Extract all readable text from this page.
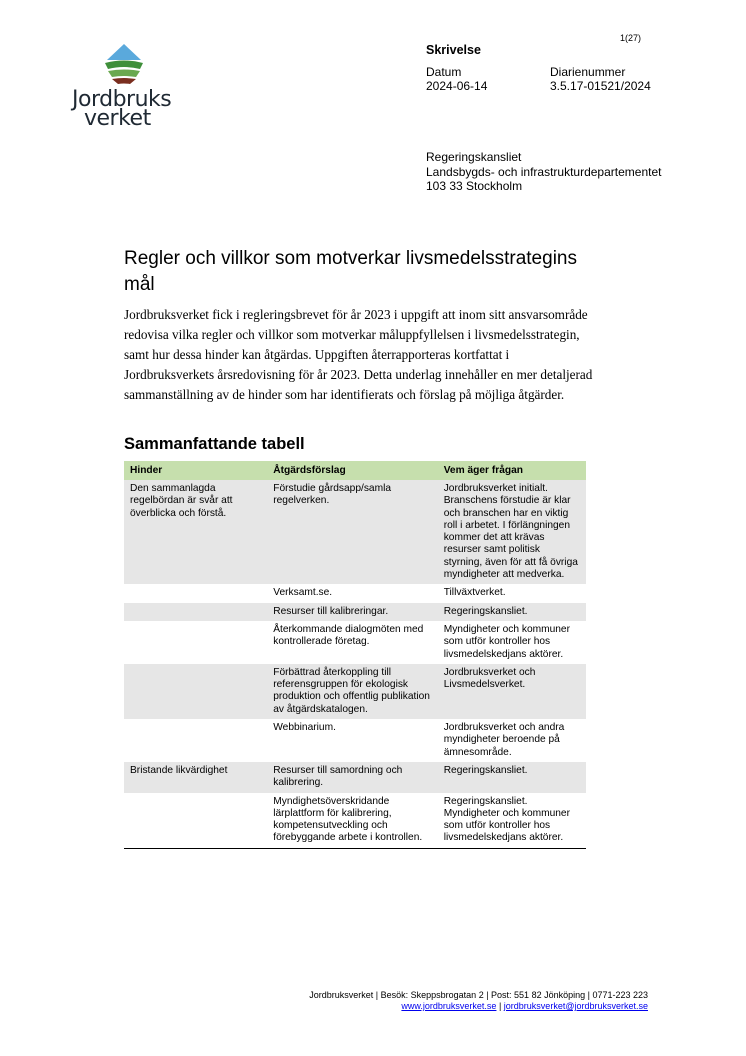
Jordbruks
verket
1(27)
Skrivelse
Datum
2024-06-14
Diarienummer
3.5.17-01521/2024
Regeringskansliet
Landsbygds- och infrastrukturdepartementet
103 33 Stockholm
Regler och villkor som motverkar livsmedelsstrategins mål
Jordbruksverket fick i regleringsbrevet för år 2023 i uppgift att inom sitt ansvarsområde redovisa vilka regler och villkor som motverkar måluppfyllelsen i livsmedelsstrategin, samt hur dessa hinder kan åtgärdas. Uppgiften återrapporteras kortfattat i Jordbruksverkets årsredovisning för år 2023. Detta underlag innehåller en mer detaljerad sammanställning av de hinder som har identifierats och förslag på möjliga åtgärder.
Sammanfattande tabell
Hinder	Åtgärdsförslag	Vem äger frågan
Den sammanlagda regelbördan är svår att överblicka och förstå.	Förstudie gårdsapp/samla regelverken.	Jordbruksverket initialt. Branschens förstudie är klar och branschen har en viktig roll i arbetet. I förlängningen kommer det att krävas resurser samt politisk styrning, även för att få övriga myndigheter att medverka.
	Verksamt.se.	Tillväxtverket.
	Resurser till kalibreringar.	Regeringskansliet.
	Återkommande dialogmöten med kontrollerade företag.	Myndigheter och kommuner som utför kontroller hos livsmedelskedjans aktörer.
	Förbättrad återkoppling till referensgruppen för ekologisk produktion och offentlig publikation av åtgärdskatalogen.	Jordbruksverket och Livsmedelsverket.
	Webbinarium.	Jordbruksverket och andra myndigheter beroende på ämnesområde.
Bristande likvärdighet	Resurser till samordning och kalibrering.	Regeringskansliet.
	Myndighetsöverskridande lärplattform för kalibrering, kompetensutveckling och förebyggande arbete i kontrollen.	Regeringskansliet. Myndigheter och kommuner som utför kontroller hos livsmedelskedjans aktörer.
Jordbruksverket | Besök: Skeppsbrogatan 2 | Post: 551 82 Jönköping | 0771-223 223
www.jordbruksverket.se | jordbruksverket@jordbruksverket.se
